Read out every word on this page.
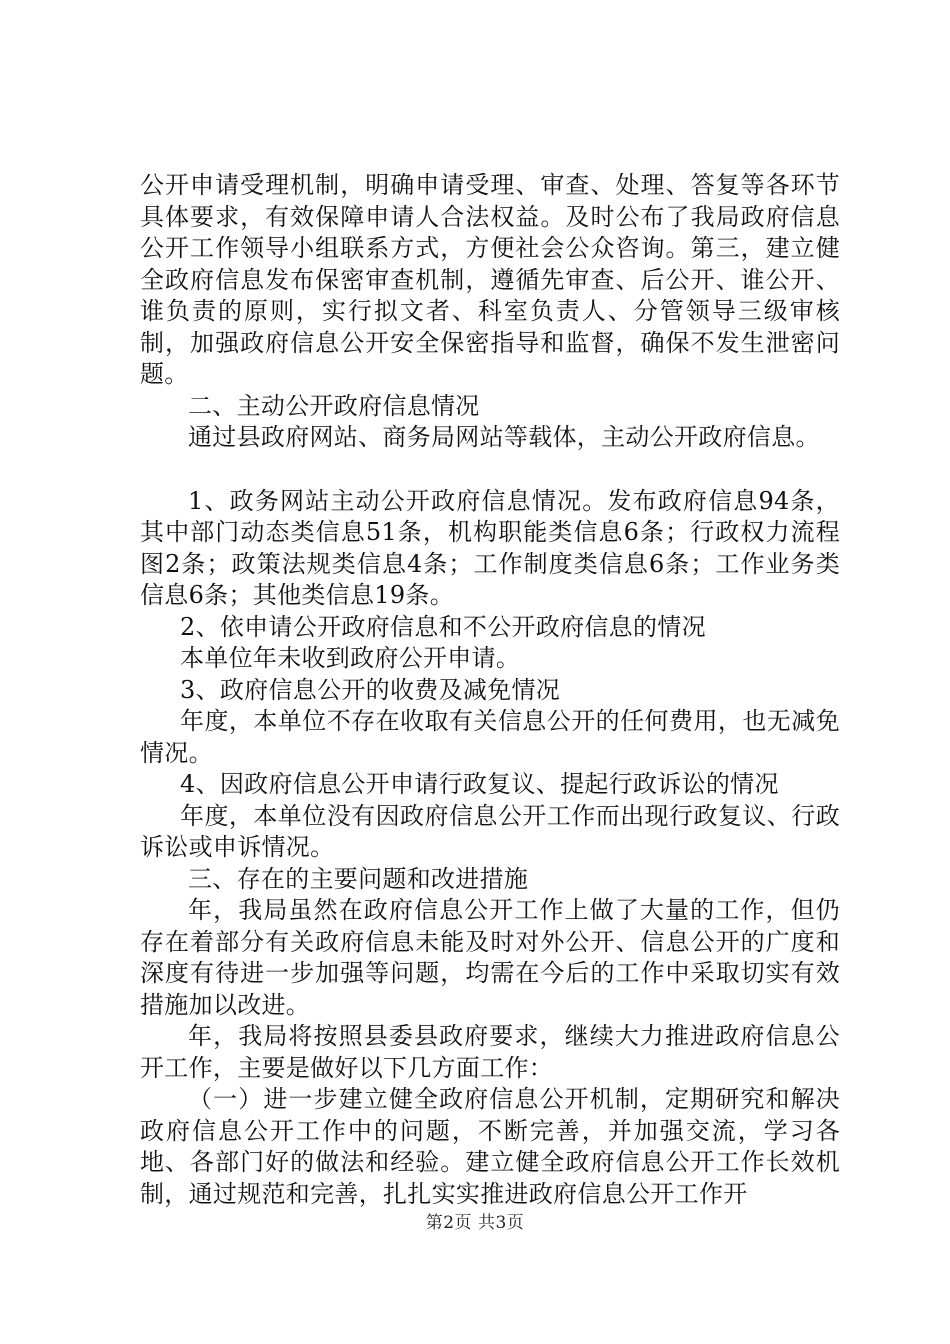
公开申请受理机制，明确申请受理、审查、处理、答复等各环节具体要求，有效保障申请人合法权益。及时公布了我局政府信息公开工作领导小组联系方式，方便社会公众咨询。第三，建立健全政府信息发布保密审查机制，遵循先审查、后公开、谁公开、谁负责的原则，实行拟文者、科室负责人、分管领导三级审核制，加强政府信息公开安全保密指导和监督，确保不发生泄密问题。

二、主动公开政府信息情况

通过县政府网站、商务局网站等载体，主动公开政府信息。

1、政务网站主动公开政府信息情况。发布政府信息94条，其中部门动态类信息51条，机构职能类信息6条；行政权力流程图2条；政策法规类信息4条；工作制度类信息6条；工作业务类信息6条；其他类信息19条。

2、依申请公开政府信息和不公开政府信息的情况

本单位年未收到政府公开申请。

3、政府信息公开的收费及减免情况

年度，本单位不存在收取有关信息公开的任何费用，也无减免情况。

4、因政府信息公开申请行政复议、提起行政诉讼的情况

年度，本单位没有因政府信息公开工作而出现行政复议、行政诉讼或申诉情况。

三、存在的主要问题和改进措施

年，我局虽然在政府信息公开工作上做了大量的工作，但仍存在着部分有关政府信息未能及时对外公开、信息公开的广度和深度有待进一步加强等问题，均需在今后的工作中采取切实有效措施加以改进。

年，我局将按照县委县政府要求，继续大力推进政府信息公开工作，主要是做好以下几方面工作：

（一）进一步建立健全政府信息公开机制，定期研究和解决政府信息公开工作中的问题，不断完善，并加强交流，学习各地、各部门好的做法和经验。建立健全政府信息公开工作长效机制，通过规范和完善，扎扎实实推进政府信息公开工作开

第2页 共3页
